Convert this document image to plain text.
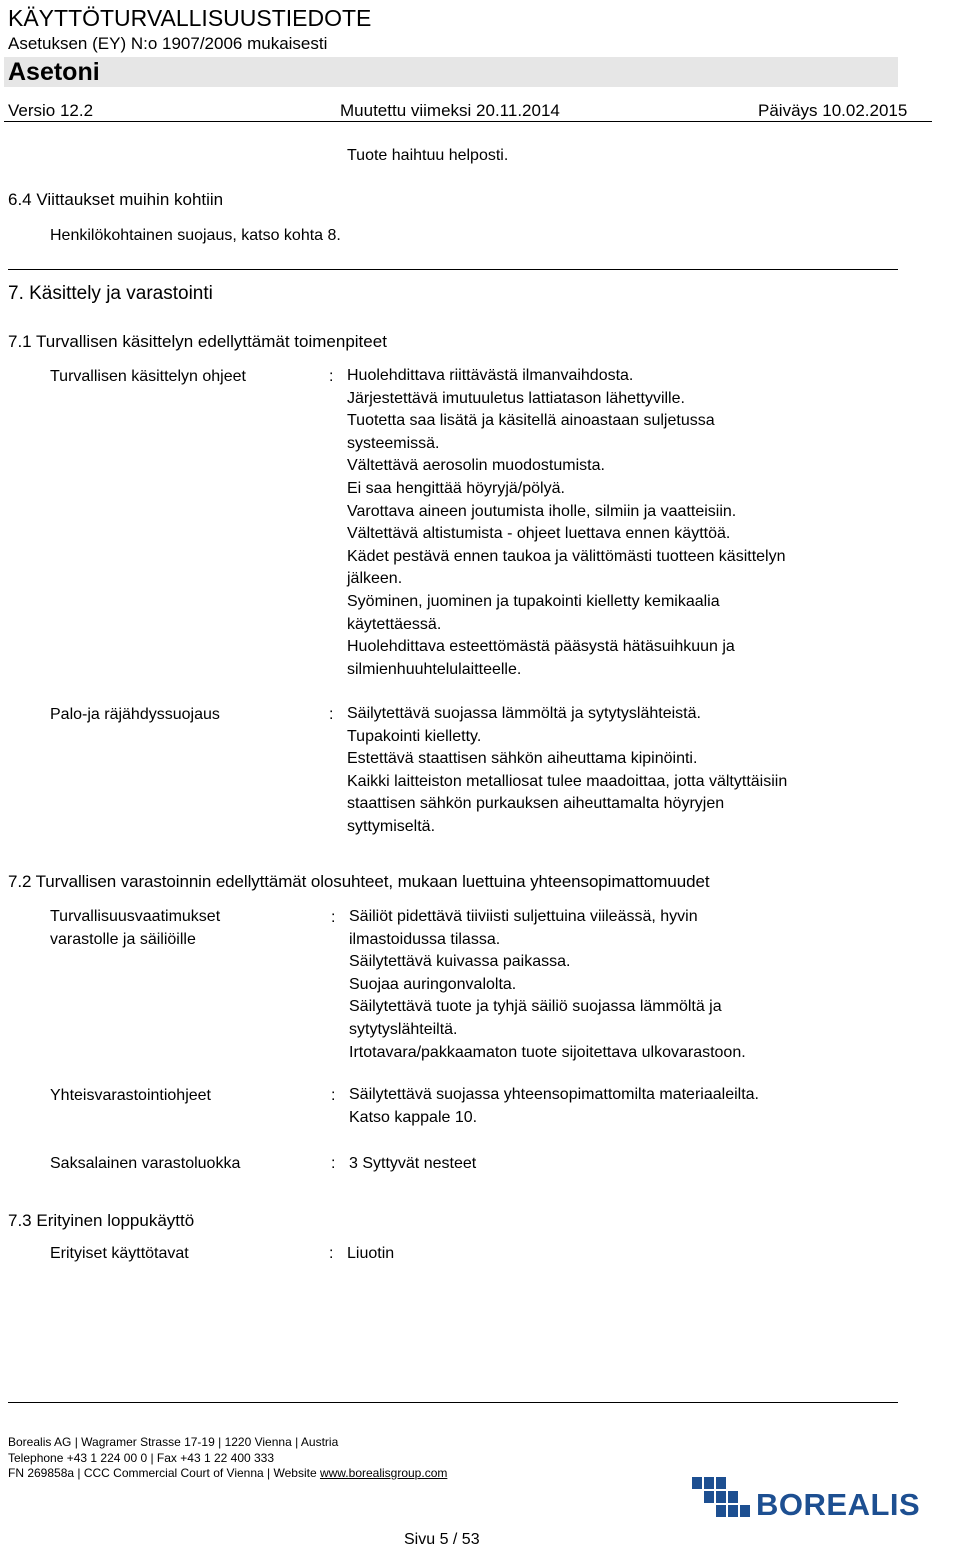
KÄYTTÖTURVALLISUUSTIEDOTE
Asetuksen (EY) N:o 1907/2006 mukaisesti
Asetoni
Versio 12.2	Muutettu viimeksi 20.11.2014	Päiväys 10.02.2015
Tuote haihtuu helposti.
6.4 Viittaukset muihin kohtiin
Henkilökohtainen suojaus, katso kohta 8.
7. Käsittely ja varastointi
7.1 Turvallisen käsittelyn edellyttämät toimenpiteet
Turvallisen käsittelyn ohjeet	: Huolehdittava riittävästä ilmanvaihdosta.
Järjestettävä imutuuletus lattiatason lähettyville.
Tuotetta saa lisätä ja käsitellä ainoastaan suljetussa
systeemissä.
Vältettävä aerosolin muodostumista.
Ei saa hengittää höyryjä/pölyä.
Varottava aineen joutumista iholle, silmiin ja vaatteisiin.
Vältettävä altistumista - ohjeet luettava ennen käyttöä.
Kädet pestävä ennen taukoa ja välittömästi tuotteen käsittelyn
jälkeen.
Syöminen, juominen ja tupakointi kielletty kemikaalia
käytettäessä.
Huolehdittava esteettömästä pääsystä hätäsuihkuun ja
silmienhuuhtelulaitteelle.
Palo-ja räjähdyssuojaus	: Säilytettävä suojassa lämmöltä ja sytytyslähteistä.
Tupakointi kielletty.
Estettävä staattisen sähkön aiheuttama kipinöinti.
Kaikki laitteiston metalliosat tulee maadoittaa, jotta vältyttäisiin
staattisen sähkön purkauksen aiheuttamalta höyryjen
syttymiseltä.
7.2 Turvallisen varastoinnin edellyttämät olosuhteet, mukaan luettuina yhteensopimattomuudet
Turvallisuusvaatimukset
varastolle ja säiliöille
: Säiliöt pidettävä tiiviisti suljettuina viileässä, hyvin
ilmastoidussa tilassa.
Säilytettävä kuivassa paikassa.
Suojaa auringonvalolta.
Säilytettävä tuote ja tyhjä säiliö suojassa lämmöltä ja
sytytyslähteiltä.
Irtotavara/pakkaamaton tuote sijoitettava ulkovarastoon.
Yhteisvarastointiohjeet	: Säilytettävä suojassa yhteensopimattomilta materiaaleilta.
Katso kappale 10.
Saksalainen varastoluokka	: 3 Syttyvät nesteet
7.3 Erityinen loppukäyttö
Erityiset käyttötavat	: Liuotin
Borealis AG | Wagramer Strasse 17-19 | 1220 Vienna | Austria
Telephone +43 1 224 00 0 | Fax +43 1 22 400 333
FN 269858a | CCC Commercial Court of Vienna | Website www.borealisgroup.com
BOREALIS
Sivu 5 / 53
